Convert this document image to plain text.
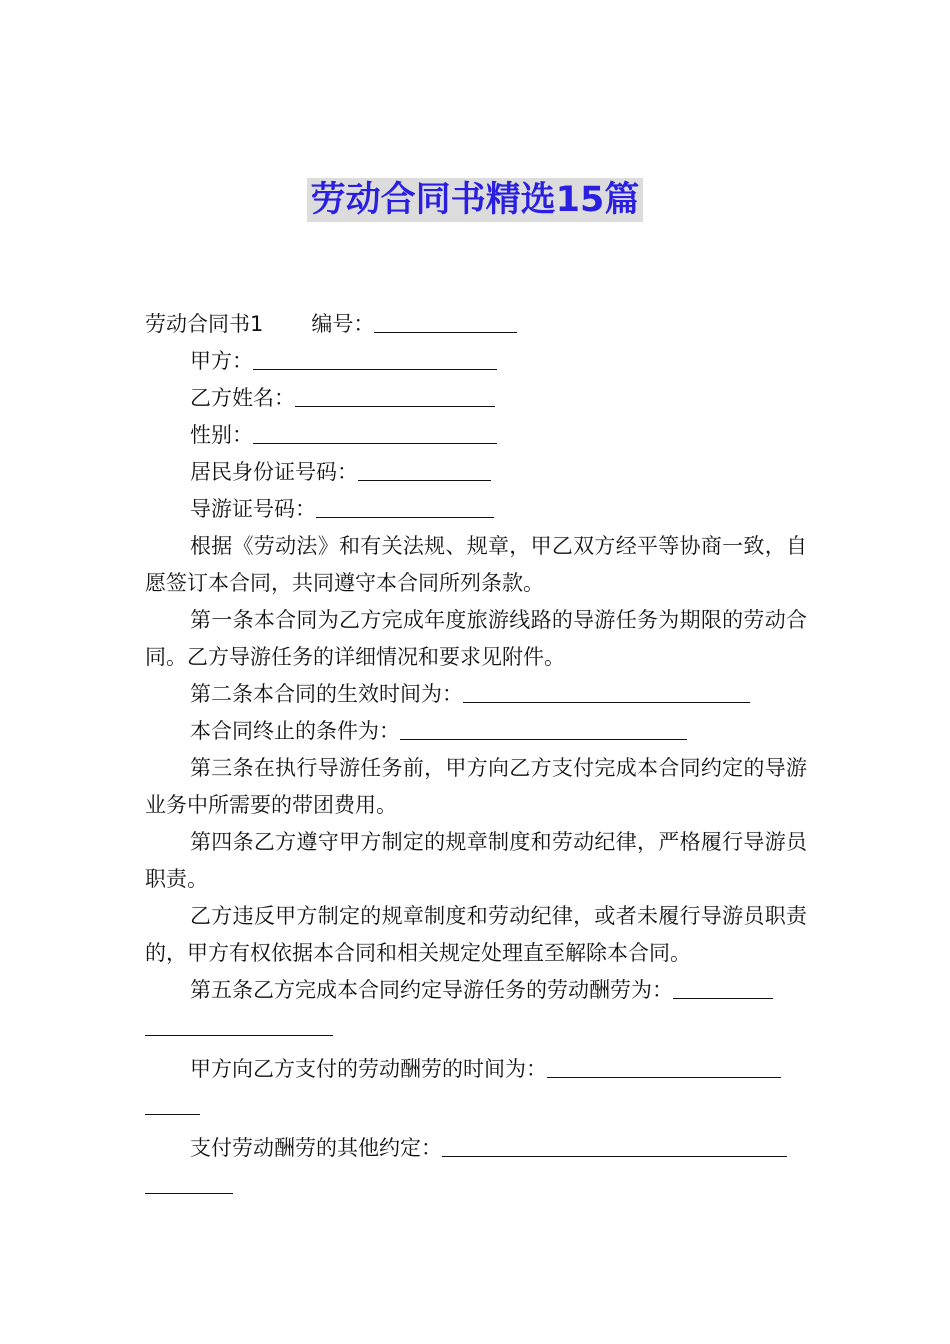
劳动合同书精选15篇
劳动合同书1 编号：
甲方：
乙方姓名：
性别：
居民身份证号码：
导游证号码：
根据《劳动法》和有关法规、规章，甲乙双方经平等协商一致，自愿签订本合同，共同遵守本合同所列条款。
第一条本合同为乙方完成年度旅游线路的导游任务为期限的劳动合同。乙方导游任务的详细情况和要求见附件。
第二条本合同的生效时间为：
本合同终止的条件为：
第三条在执行导游任务前，甲方向乙方支付完成本合同约定的导游业务中所需要的带团费用。
第四条乙方遵守甲方制定的规章制度和劳动纪律，严格履行导游员职责。
乙方违反甲方制定的规章制度和劳动纪律，或者未履行导游员职责的，甲方有权依据本合同和相关规定处理直至解除本合同。
第五条乙方完成本合同约定导游任务的劳动酬劳为：
甲方向乙方支付的劳动酬劳的时间为：
支付劳动酬劳的其他约定：
